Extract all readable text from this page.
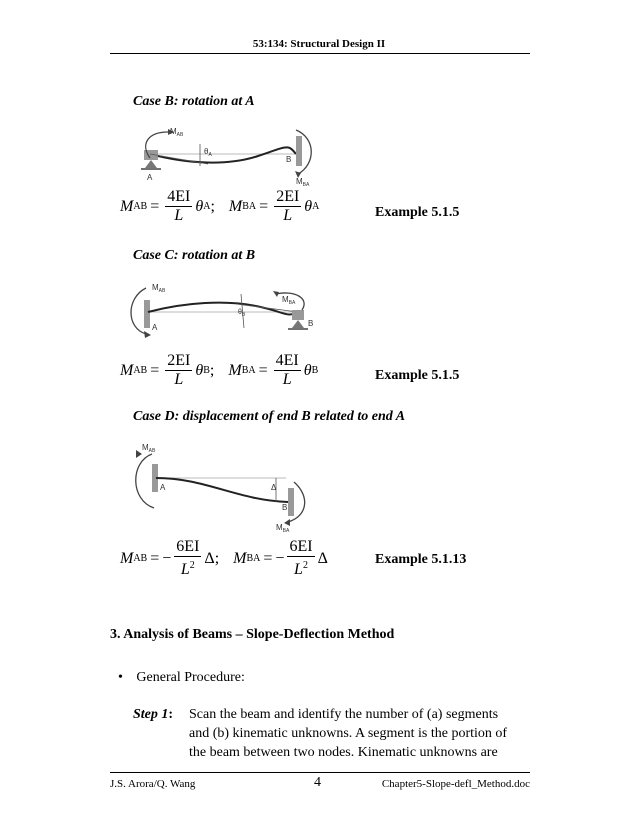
53:134: Structural Design II
Case B: rotation at A
$M_{AB}$
$\theta_A$
A
B
$M_{BA}$
M AB = $\frac{4EI}{L}$ θ A ; M BA = $\frac{2EI}{L}$ θ A	Example 5.1.5
Case C: rotation at B
$M_{AB}$
A
$\theta_B$
B
$M_{BA}$
M AB = $\frac{2EI}{L}$ θ B ; M BA = $\frac{4EI}{L}$ θ B	Example 5.1.5
Case D: displacement of end B related to end A
$M_{AB}$
A	Δ
B
$M_{BA}$
M AB = − $\frac{6EI}{L^2}$ Δ ; M BA = − $\frac{6EI}{L^2}$ Δ	Example 5.1.13
3. Analysis of Beams – Slope-Deflection Method
• General Procedure:
Step 1: Scan the beam and identify the number of (a) segments
and (b) kinematic unknowns. A segment is the portion of
the beam between two nodes. Kinematic unknowns are
J.S. Arora/Q. Wang	4	Chapter5-Slope-defl_Method.doc
